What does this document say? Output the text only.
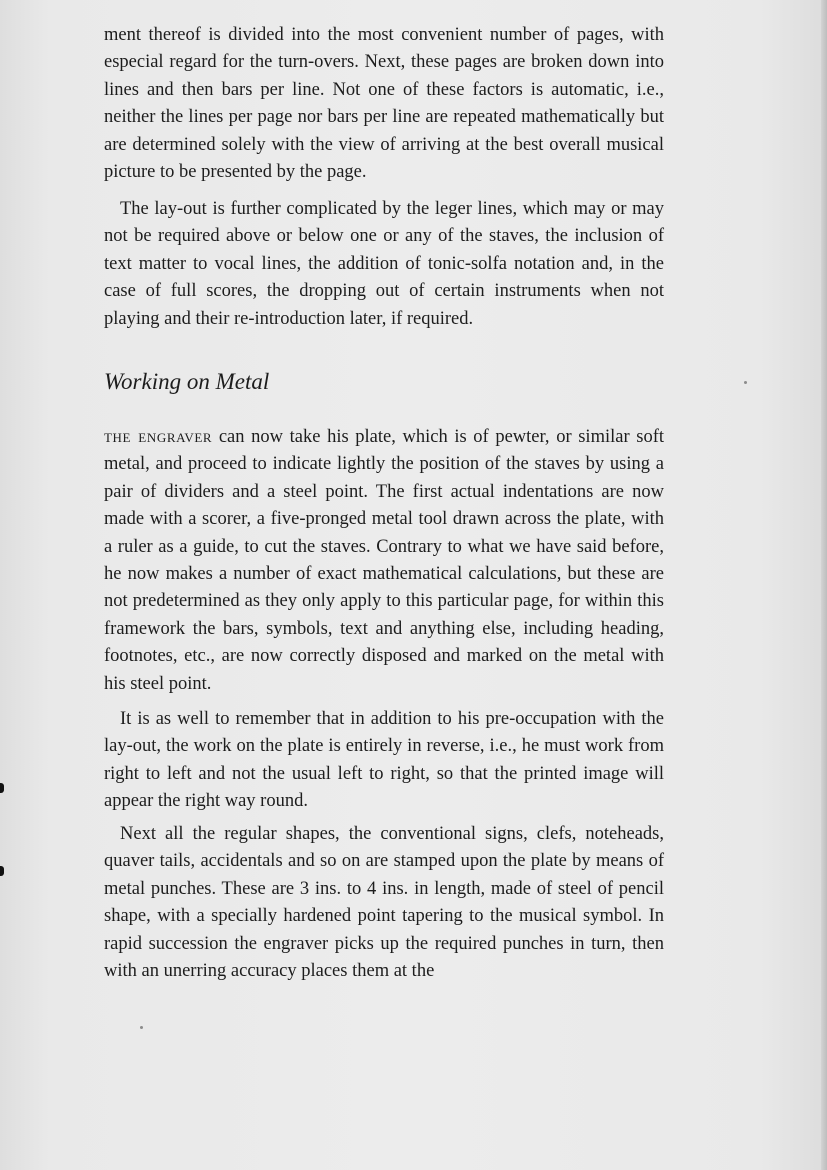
ment thereof is divided into the most convenient number of pages, with especial regard for the turn-overs. Next, these pages are broken down into lines and then bars per line. Not one of these factors is automatic, i.e., neither the lines per page nor bars per line are repeated mathematically but are determined solely with the view of arriving at the best overall musical picture to be presented by the page.

The lay-out is further complicated by the leger lines, which may or may not be required above or below one or any of the staves, the inclusion of text matter to vocal lines, the addition of tonic-solfa notation and, in the case of full scores, the dropping out of certain instruments when not playing and their re-introduction later, if required.

Working on Metal

the engraver can now take his plate, which is of pewter, or similar soft metal, and proceed to indicate lightly the position of the staves by using a pair of dividers and a steel point. The first actual indentations are now made with a scorer, a five-pronged metal tool drawn across the plate, with a ruler as a guide, to cut the staves. Contrary to what we have said before, he now makes a number of exact mathematical calculations, but these are not predetermined as they only apply to this particular page, for within this framework the bars, symbols, text and anything else, including heading, footnotes, etc., are now correctly disposed and marked on the metal with his steel point.

It is as well to remember that in addition to his pre-occupation with the lay-out, the work on the plate is entirely in reverse, i.e., he must work from right to left and not the usual left to right, so that the printed image will appear the right way round.

Next all the regular shapes, the conventional signs, clefs, noteheads, quaver tails, accidentals and so on are stamped upon the plate by means of metal punches. These are 3 ins. to 4 ins. in length, made of steel of pencil shape, with a specially hardened point tapering to the musical symbol. In rapid succession the engraver picks up the required punches in turn, then with an unerring accuracy places them at the
